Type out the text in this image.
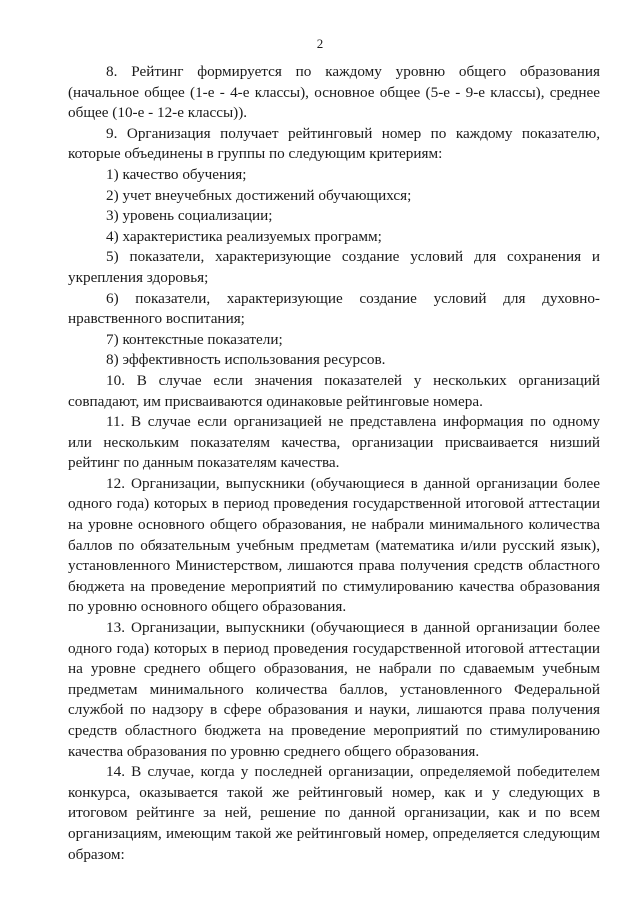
2

8. Рейтинг формируется по каждому уровню общего образования (начальное общее (1-е - 4-е классы), основное общее (5-е - 9-е классы), среднее общее (10-е - 12-е классы)).

9. Организация получает рейтинговый номер по каждому показателю, которые объединены в группы по следующим критериям:

1) качество обучения;

2) учет внеучебных достижений обучающихся;

3) уровень социализации;

4) характеристика реализуемых программ;

5) показатели, характеризующие создание условий для сохранения и укрепления здоровья;

6) показатели, характеризующие создание условий для духовно-нравственного воспитания;

7) контекстные показатели;

8) эффективность использования ресурсов.

10. В случае если значения показателей у нескольких организаций совпадают, им присваиваются одинаковые рейтинговые номера.

11. В случае если организацией не представлена информация по одному или нескольким показателям качества, организации присваивается низший рейтинг по данным показателям качества.

12. Организации, выпускники (обучающиеся в данной организации более одного года) которых в период проведения государственной итоговой аттестации на уровне основного общего образования, не набрали минимального количества баллов по обязательным учебным предметам (математика и/или русский язык), установленного Министерством, лишаются права получения средств областного бюджета на проведение мероприятий по стимулированию качества образования по уровню основного общего образования.

13. Организации, выпускники (обучающиеся в данной организации более одного года) которых в период проведения государственной итоговой аттестации на уровне среднего общего образования, не набрали по сдаваемым учебным предметам минимального количества баллов, установленного Федеральной службой по надзору в сфере образования и науки, лишаются права получения средств областного бюджета на проведение мероприятий по стимулированию качества образования по уровню среднего общего образования.

14. В случае, когда у последней организации, определяемой победителем конкурса, оказывается такой же рейтинговый номер, как и у следующих в итоговом рейтинге за ней, решение по данной организации, как и по всем организациям, имеющим такой же рейтинговый номер, определяется следующим образом:
